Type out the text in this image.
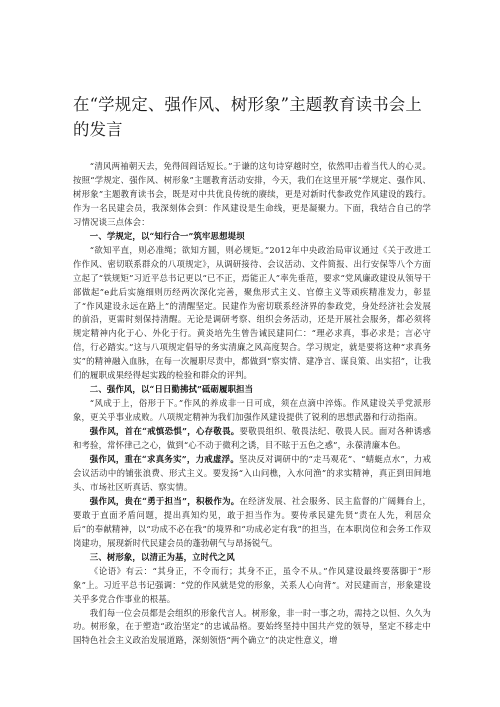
在“学规定、强作风、树形象”主题教育读书会上的发言

“清风两袖朝天去，免得闾阎话短长。”于谦的这句诗穿越时空，依然叩击着当代人的心灵。按照“学规定、强作风、树形象”主题教育活动安排，今天，我们在这里开展“学规定、强作风、树形象”主题教育读书会，既是对中共优良传统的赓续，更是对新时代参政党作风建设的践行。作为一名民建会员，我深刻体会到：作风建设是生命线，更是凝聚力。下面，我结合自己的学习情况谈三点体会：

一、学规定，以“知行合一”筑牢思想堤坝

“欲知平直，则必准绳；欲知方圆，则必规矩。”2012年中央政治局审议通过《关于改进工作作风、密切联系群众的八项规定》，从调研接待、会议活动、文件简报、出行安保等八个方面立起了“铁规矩”习近平总书记更以“已不正，焉能正人”率先垂范，要求“党风廉政建设从领导干部做起”e此后实施细则历经两次深化完善，聚焦形式主义、官僚主义等顽疾精准发力，彰显了“作风建设永远在路上”的清醒坚定。民建作为密切联系经济界的参政党，身处经济社会发展的前沿，更需时刻保持清醒。无论是调研考察、组织会务活动，还是开展社会服务，都必须将规定精神内化于心、外化于行。黄炎培先生曾告诫民建同仁：“理必求真，事必求是；言必守信，行必踏实。”这与八项规定倡导的务实清廉之风高度契合。学习规定，就是要将这种“求真务实”的精神融入血脉，在每一次履职尽责中，都做到“察实情、建净言、谋良策、出实招”，让我们的履职成果经得起实践的检验和群众的评判。

二、强作风，以“日日勤拂拭”砥砺履职担当

“风成于上，俗形于下。”作风的养成非一日可成，须在点滴中淬炼。作风建设关乎党派形象，更关乎事业成败。八项规定精神为我们加强作风建设提供了锐利的思想武器和行动指南。

强作风，首在“戒慎恐惧”，心存敬畏。要敬畏组织、敬畏法纪、敬畏人民。面对各种诱惑和考验，常怀律己之心，做到“心不动于微利之诱，目不眩于五色之惑”，永葆清廉本色。

强作风，重在“求真务实”，力戒虚浮。坚决反对调研中的“走马观花”、“蜻蜓点水”，力戒会议活动中的铺张浪费、形式主义。要发扬“入山问樵，入水问渔”的求实精神，真正到田间地头、市场社区听真话、察实情。

强作风，贵在“勇于担当”，积极作为。在经济发展、社会服务、民主监督的广阔舞台上，要敢于直面矛盾问题，提出真知灼见，敢于担当作为。要传承民建先贤“责在人先，利居众后”的奉献精神，以“功成不必在我”的境界和“功成必定有我”的担当，在本职岗位和会务工作双岗建功，展现新时代民建会员的蓬勃朝气与昂扬锐气。

三、树形象，以清正为基，立时代之风

《论语》有云：“其身正，不令而行；其身不正，虽令不从。”作风建设最终要落脚于“形象”上。习近平总书记强调：“党的作风就是党的形象，关系人心向背”。对民建而言，形象建设关乎多党合作事业的根基。

我们每一位会员都是会组织的形象代言人。树形象，非一时一事之功，需持之以恒、久久为功。树形象，在于塑造“政治坚定”的忠诚品格。要始终坚持中国共产党的领导，坚定不移走中国特色社会主义政治发展道路，深刻领悟“两个确立”的决定性意义，增
